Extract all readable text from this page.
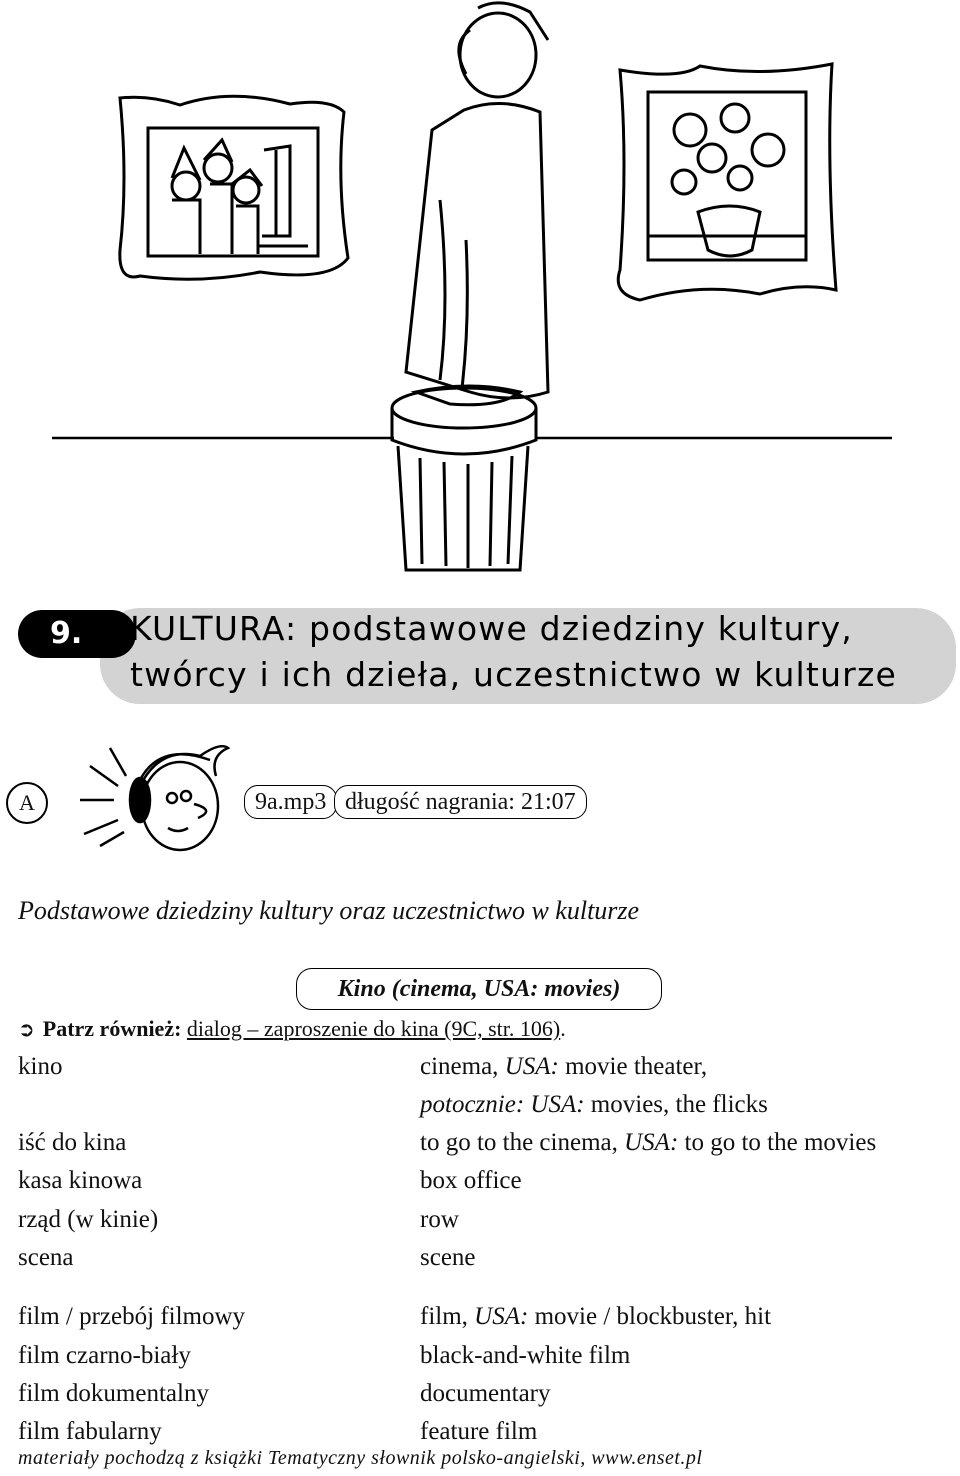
9.	KULTURA: podstawowe dziedziny kultury,
twórcy i ich dzieła, uczestnictwo w kulturze
A	9a.mp3 długość nagrania: 21:07
Podstawowe dziedziny kultury oraz uczestnictwo w kulturze
Kino (cinema, USA: movies)
➲ Patrz również: dialog – zaproszenie do kina (9C, str. 106).
kino	cinema, USA: movie theater,
potocznie: USA: movies, the flicks
iść do kina	to go to the cinema, USA: to go to the movies
kasa kinowa	box office
rząd (w kinie)	row
scena	scene
film / przebój filmowy	film, USA: movie / blockbuster, hit
film czarno-biały	black-and-white film
film dokumentalny	documentary
film fabularny	feature film
materiały pochodzą z książki Tematyczny słownik polsko-angielski, www.enset.pl
